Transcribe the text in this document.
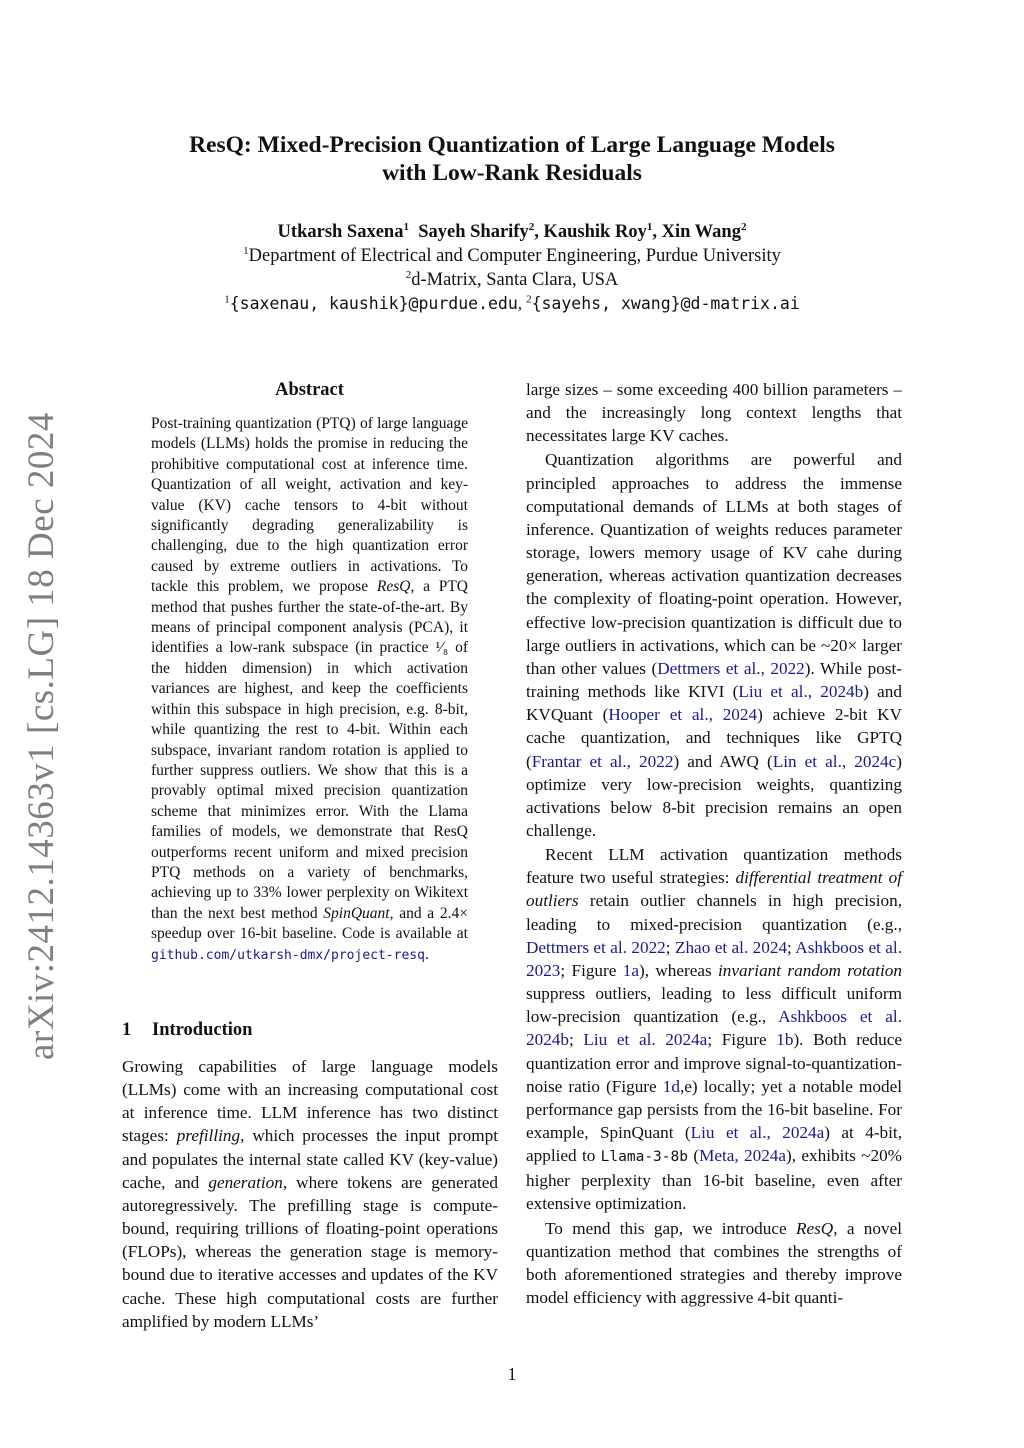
arXiv:2412.14363v1 [cs.LG] 18 Dec 2024
ResQ: Mixed-Precision Quantization of Large Language Models
with Low-Rank Residuals
Utkarsh Saxena$^1$ Sayeh Sharify$^2$, Kaushik Roy$^1$, Xin Wang$^2$
$^1$Department of Electrical and Computer Engineering, Purdue University
$^2$d-Matrix, Santa Clara, USA
$^1${saxenau, kaushik}@purdue.edu, $^2${sayehs, xwang}@d-matrix.ai
Abstract

Post-training quantization (PTQ) of large language models (LLMs) holds the promise in reducing the prohibitive computational cost at inference time. Quantization of all weight, activation and key-value (KV) cache tensors to 4-bit without significantly degrading generalizability is challenging, due to the high quantization error caused by extreme outliers in activations. To tackle this problem, we propose ResQ, a PTQ method that pushes further the state-of-the-art. By means of principal component analysis (PCA), it identifies a low-rank subspace (in practice ¹⁄₈ of the hidden dimension) in which activation variances are highest, and keep the coefficients within this subspace in high precision, e.g. 8-bit, while quantizing the rest to 4-bit. Within each subspace, invariant random rotation is applied to further suppress outliers. We show that this is a provably optimal mixed precision quantization scheme that minimizes error. With the Llama families of models, we demonstrate that ResQ outperforms recent uniform and mixed precision PTQ methods on a variety of benchmarks, achieving up to 33% lower perplexity on Wikitext than the next best method SpinQuant, and a 2.4× speedup over 16-bit baseline. Code is available at github.com/utkarsh-dmx/project-resq.

1 Introduction

Growing capabilities of large language models (LLMs) come with an increasing computational cost at inference time. LLM inference has two distinct stages: prefilling, which processes the input prompt and populates the internal state called KV (key-value) cache, and generation, where tokens are generated autoregressively. The prefilling stage is compute-bound, requiring trillions of floating-point operations (FLOPs), whereas the generation stage is memory-bound due to iterative accesses and updates of the KV cache. These high computational costs are further amplified by modern LLMs’

large sizes – some exceeding 400 billion parameters – and the increasingly long context lengths that necessitates large KV caches.

Quantization algorithms are powerful and principled approaches to address the immense computational demands of LLMs at both stages of inference. Quantization of weights reduces parameter storage, lowers memory usage of KV cahe during generation, whereas activation quantization decreases the complexity of floating-point operation. However, effective low-precision quantization is difficult due to large outliers in activations, which can be ~20× larger than other values (Dettmers et al., 2022). While post-training methods like KIVI (Liu et al., 2024b) and KVQuant (Hooper et al., 2024) achieve 2-bit KV cache quantization, and techniques like GPTQ (Frantar et al., 2022) and AWQ (Lin et al., 2024c) optimize very low-precision weights, quantizing activations below 8-bit precision remains an open challenge.

Recent LLM activation quantization methods feature two useful strategies: differential treatment of outliers retain outlier channels in high precision, leading to mixed-precision quantization (e.g., Dettmers et al. 2022; Zhao et al. 2024; Ashkboos et al. 2023; Figure 1a), whereas invariant random rotation suppress outliers, leading to less difficult uniform low-precision quantization (e.g., Ashkboos et al. 2024b; Liu et al. 2024a; Figure 1b). Both reduce quantization error and improve signal-to-quantization-noise ratio (Figure 1d,e) locally; yet a notable model performance gap persists from the 16-bit baseline. For example, SpinQuant (Liu et al., 2024a) at 4-bit, applied to Llama-3-8b (Meta, 2024a), exhibits ~20% higher perplexity than 16-bit baseline, even after extensive optimization.

To mend this gap, we introduce ResQ, a novel quantization method that combines the strengths of both aforementioned strategies and thereby improve model efficiency with aggressive 4-bit quanti-

1
